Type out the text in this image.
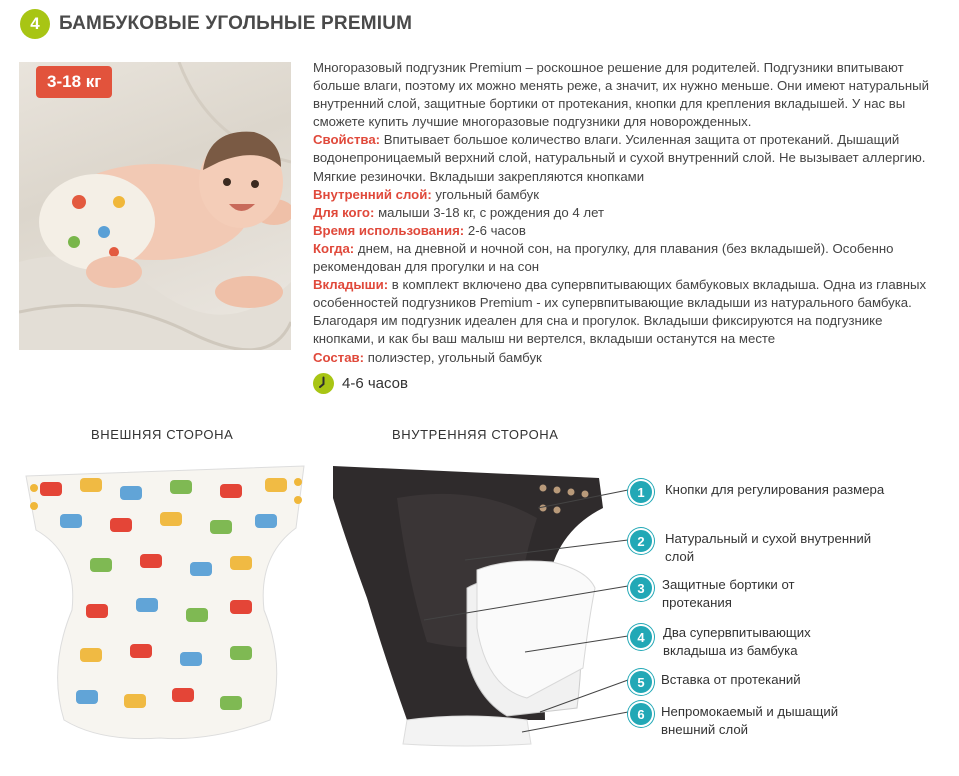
4	БАМБУКОВЫЕ УГОЛЬНЫЕ PREMIUM
3-18 кг

Многоразовый подгузник Premium – роскошное решение для родителей. Подгузники впитывают больше влаги, поэтому их можно менять реже, а значит, их нужно меньше. Они имеют натуральный внутренний слой, защитные бортики от протекания, кнопки для крепления вкладышей. У нас вы сможете купить лучшие многоразовые подгузники для новорожденных.

Свойства: Впитывает большое количество влаги. Усиленная защита от протеканий. Дышащий водонепроницаемый верхний слой, натуральный и сухой внутренний слой. Не вызывает аллергию. Мягкие резиночки. Вкладыши закрепляются кнопками

Внутренний слой: угольный бамбук

Для кого: малыши 3-18 кг, с рождения до 4 лет

Время использования: 2-6 часов

Когда: днем, на дневной и ночной сон, на прогулку, для плавания (без вкладышей). Особенно рекомендован для прогулки и на сон

Вкладыши: в комплект включено два супервпитывающих бамбуковых вкладыша. Одна из главных особенностей подгузников Premium - их супервпитывающие вкладыши из натурального бамбука. Благодаря им подгузник идеален для сна и прогулок. Вкладыши фиксируются на подгузнике кнопками, и как бы ваш малыш ни вертелся, вкладыши останутся на месте

Состав: полиэстер, угольный бамбук

4-6 часов
ВНЕШНЯЯ СТОРОНА	ВНУТРЕННЯЯ СТОРОНА
1	Кнопки для регулирования размера
2	Натуральный и сухой внутренний слой
3	Защитные бортики от протекания
4	Два супервпитывающих вкладыша из бамбука
5	Вставка от протеканий
6	Непромокаемый и дышащий внешний слой
